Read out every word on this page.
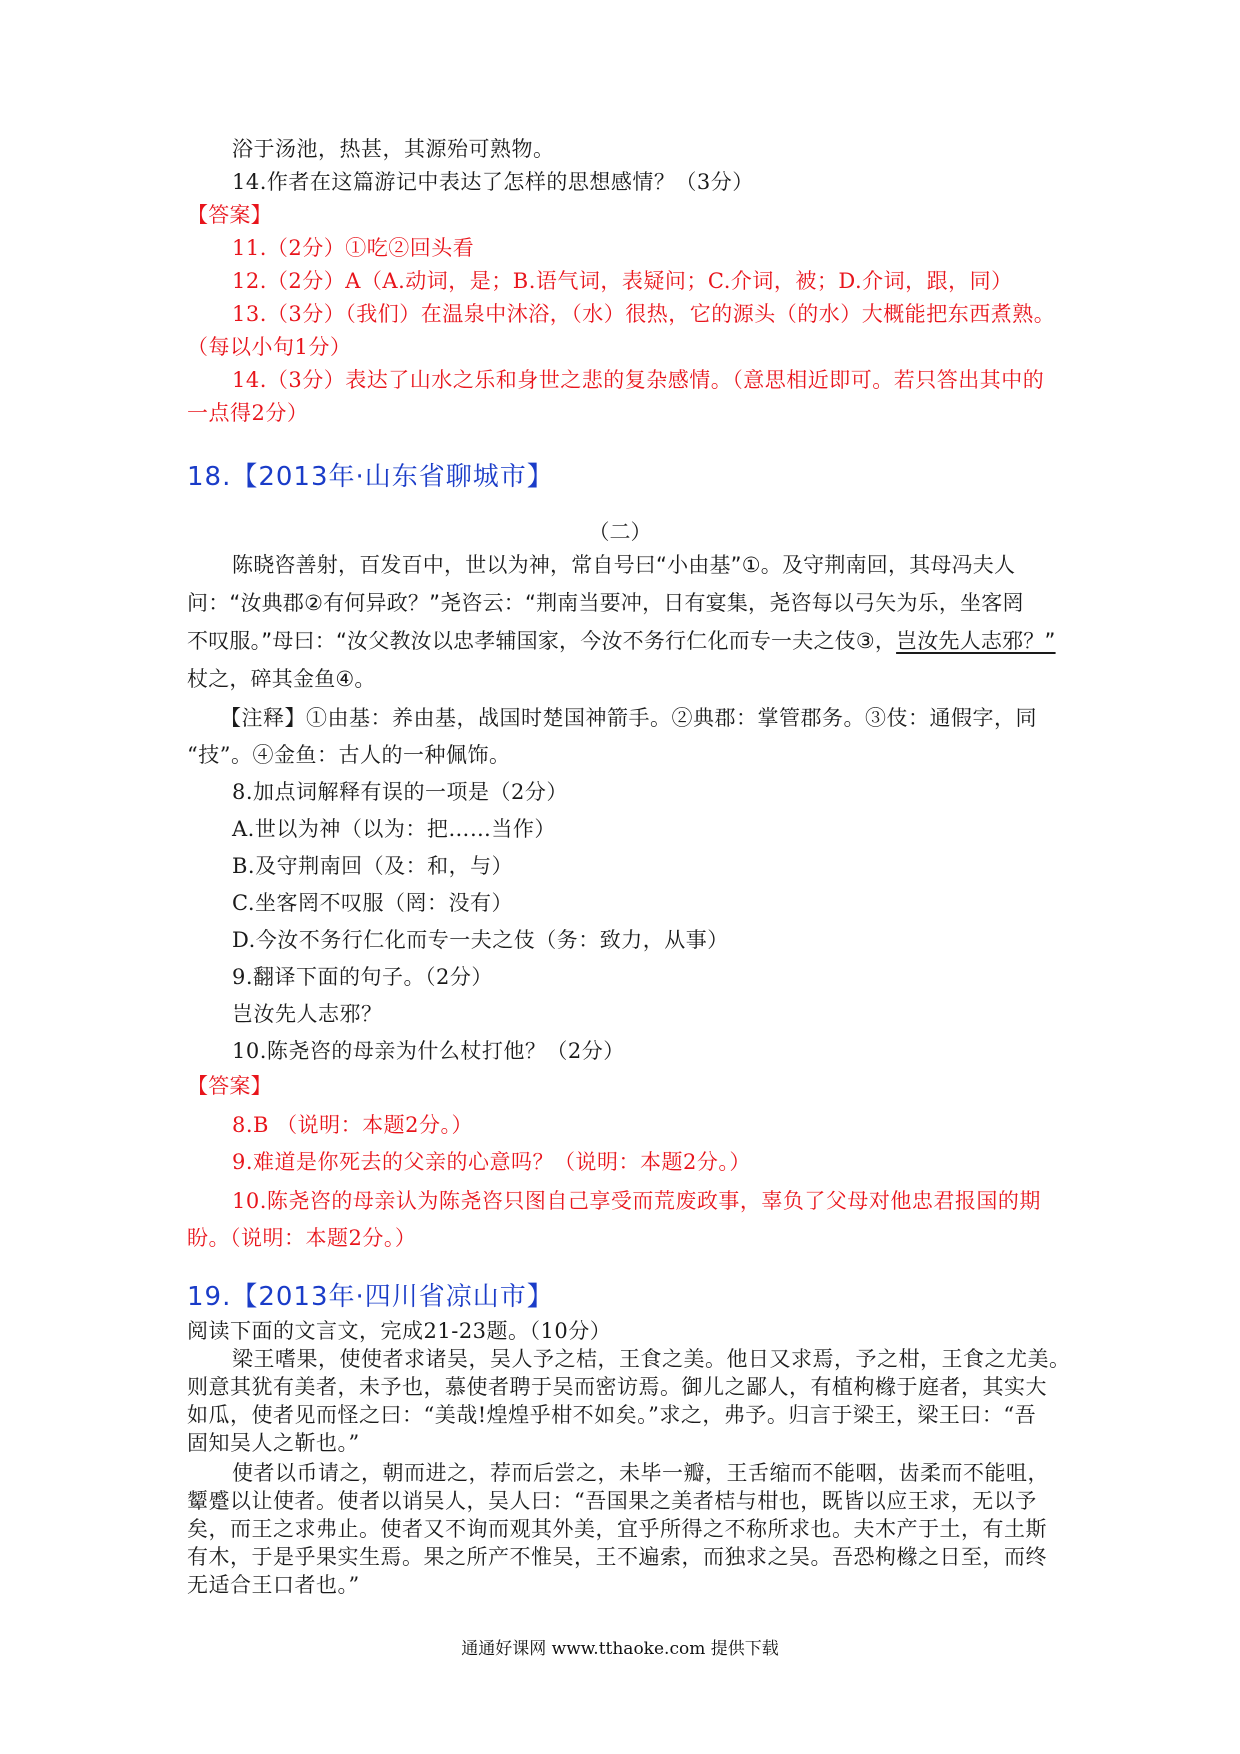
浴于汤池，热甚，其源殆可熟物。
14.作者在这篇游记中表达了怎样的思想感情？（3分）
【答案】
11.（2分）①吃②回头看
12.（2分）A（A.动词，是；B.语气词，表疑问；C.介词，被；D.介词，跟，同）
13.（3分）（我们）在温泉中沐浴，（水）很热，它的源头（的水）大概能把东西煮熟。
（每以小句1分）
14.（3分）表达了山水之乐和身世之悲的复杂感情。（意思相近即可。若只答出其中的
一点得2分）
18.【2013年·山东省聊城市】
（二）
陈晓咨善射，百发百中，世以为神，常自号曰“小由基”①。及守荆南回，其母冯夫人
问：“汝典郡②有何异政？”尧咨云：“荆南当要冲，日有宴集，尧咨每以弓矢为乐，坐客罔
不叹服。”母曰：“汝父教汝以忠孝辅国家，今汝不务行仁化而专一夫之伎③，岂汝先人志邪？”
杖之，碎其金鱼④。
【注释】①由基：养由基，战国时楚国神箭手。②典郡：掌管郡务。③伎：通假字，同
“技”。④金鱼：古人的一种佩饰。
8.加点词解释有误的一项是（2分）
A.世以为神（以为：把……当作）
B.及守荆南回（及：和，与）
C.坐客罔不叹服（罔：没有）
D.今汝不务行仁化而专一夫之伎（务：致力，从事）
9.翻译下面的句子。（2分）
岂汝先人志邪？
10.陈尧咨的母亲为什么杖打他？（2分）
【答案】
8.B （说明：本题2分。）
9.难道是你死去的父亲的心意吗？（说明：本题2分。）
10.陈尧咨的母亲认为陈尧咨只图自己享受而荒废政事，辜负了父母对他忠君报国的期
盼。（说明：本题2分。）
19.【2013年·四川省凉山市】
阅读下面的文言文，完成21-23题。（10分）
梁王嗜果，使使者求诸吴，吴人予之桔，王食之美。他日又求焉，予之柑，王食之尤美。
则意其犹有美者，未予也，慕使者聘于吴而密访焉。御儿之鄙人，有植枸橼于庭者，其实大
如瓜，使者见而怪之曰：“美哉!煌煌乎柑不如矣。”求之，弗予。归言于梁王，梁王曰：“吾
固知吴人之靳也。”
使者以币请之，朝而进之，荐而后尝之，未毕一瓣，王舌缩而不能咽，齿柔而不能咀，
颦蹙以让使者。使者以诮吴人，吴人曰：“吾国果之美者桔与柑也，既皆以应王求，无以予
矣，而王之求弗止。使者又不询而观其外美，宜乎所得之不称所求也。夫木产于土，有土斯
有木，于是乎果实生焉。果之所产不惟吴，王不遍索，而独求之吴。吾恐枸橼之日至，而终
无适合王口者也。”
通通好课网 www.tthaoke.com 提供下载
